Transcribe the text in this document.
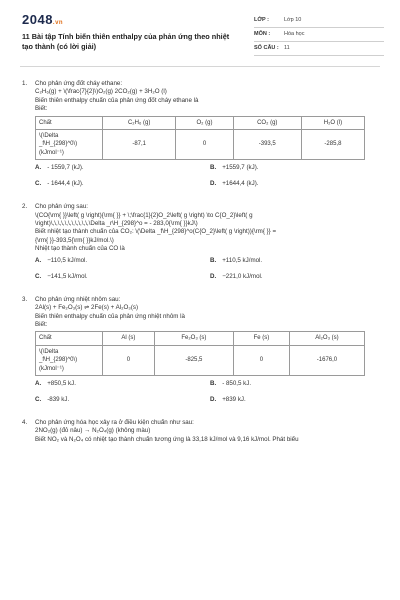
2048.vn
11 Bài tập Tính biến thiên enthalpy của phản ứng theo nhiệt tạo thành (có lời giải)
LỚP :	Lớp 10
MÔN :	Hóa học
SỐ CÂU : 11
1. Cho phản ứng đốt cháy ethane:
C₂H₆(g) + \(\frac{7}{2}\)O₂(g) 2CO₂(g) + 3H₂O (l)
Biến thiên enthalpy chuẩn của phản ứng đốt cháy ethane là
Biết:
Chất	C₂H₆ (g)	O₂ (g)	CO₂ (g)	H₂O (l)

\(\Delta
_f\H_{298}^0\)
(kJmol⁻¹)	-87,1	0	-393,5	-285,8
A. - 1559,7 (kJ).	B. +1559,7 (kJ).
C. - 1644,4 (kJ).	D. +1644,4 (kJ).
2. Cho phản ứng sau:
\(CO{\rm{ }}\left( g \right){\rm{ }} + \;\frac{1}{2}O_2\left( g \right) \to C{O_2}\left( g
\right)\,\,\,\,\,\,\,\,\,\,\,\Delta _r\H_{298}^o = - 283,0{\rm{ }}kJ\)
Biết nhiệt tạo thành chuẩn của CO₂: \(\Delta _f\H_{298}^o(C{O_2}\left( g \right)){\rm{ }} =
{\rm{ }}-393,5{\rm{ }}kJ/mol.\)
Nhiệt tạo thành chuẩn của CO là
A. −110,5 kJ/mol.	B. +110,5 kJ/mol.
C. −141,5 kJ/mol.	D. −221,0 kJ/mol.
3. Cho phản ứng nhiệt nhôm sau:
2Al(s) + Fe₂O₃(s) ⇌ 2Fe(s) + Al₂O₃(s)
Biến thiên enthalpy chuẩn của phản ứng nhiệt nhôm là
Biết:
Chất	Al (s)	Fe₂O₃ (s)	Fe (s)	Al₂O₃ (s)

\(\Delta
_f\H_{298}^0\)
(kJmol⁻¹)	0	-825,5	0	-1676,0
A. +850,5 kJ.	B. - 850,5 kJ.
C. -839 kJ.	D. +839 kJ.
4. Cho phản ứng hóa học xảy ra ở điều kiện chuẩn như sau:
2NO₂(g) (đỏ nâu) → N₂O₄(g) (không màu)
Biết NO₂ và N₂O₄ có nhiệt tạo thành chuẩn tương ứng là 33,18 kJ/mol và 9,16 kJ/mol. Phát biểu
